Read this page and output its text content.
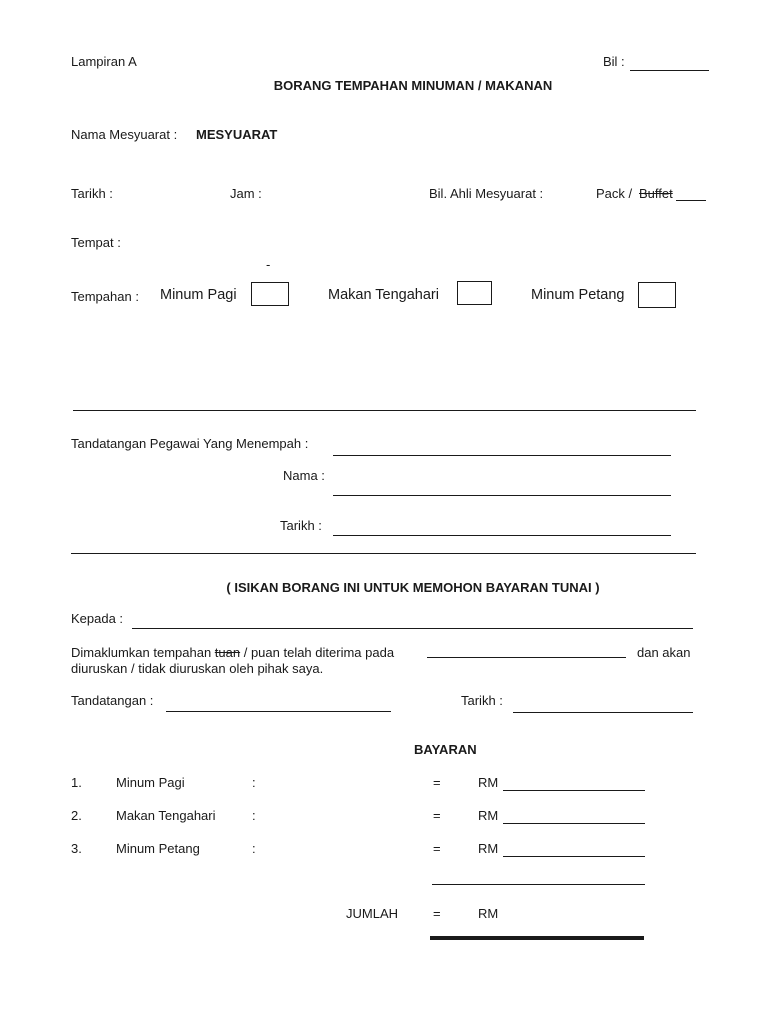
Lampiran A	Bil :
BORANG TEMPAHAN MINUMAN / MAKANAN
Nama Mesyuarat : MESYUARAT
Tarikh :	Jam :	Bil. Ahli Mesyuarat :	Pack / Buffet
Tempat :
-
Tempahan : Minum Pagi	Makan Tengahari	Minum Petang
Tandatangan Pegawai Yang Menempah :
Nama :
Tarikh :
( ISIKAN BORANG INI UNTUK MEMOHON BAYARAN TUNAI )
Kepada :
Dimaklumkan tempahan tuan / puan telah diterima pada	dan akan
diuruskan / tidak diuruskan oleh pihak saya.
Tandatangan :	Tarikh :
BAYARAN
1.	Minum Pagi	:	=	RM
2.	Makan Tengahari	:	=	RM
3.	Minum Petang	:	=	RM
JUMLAH	=	RM
